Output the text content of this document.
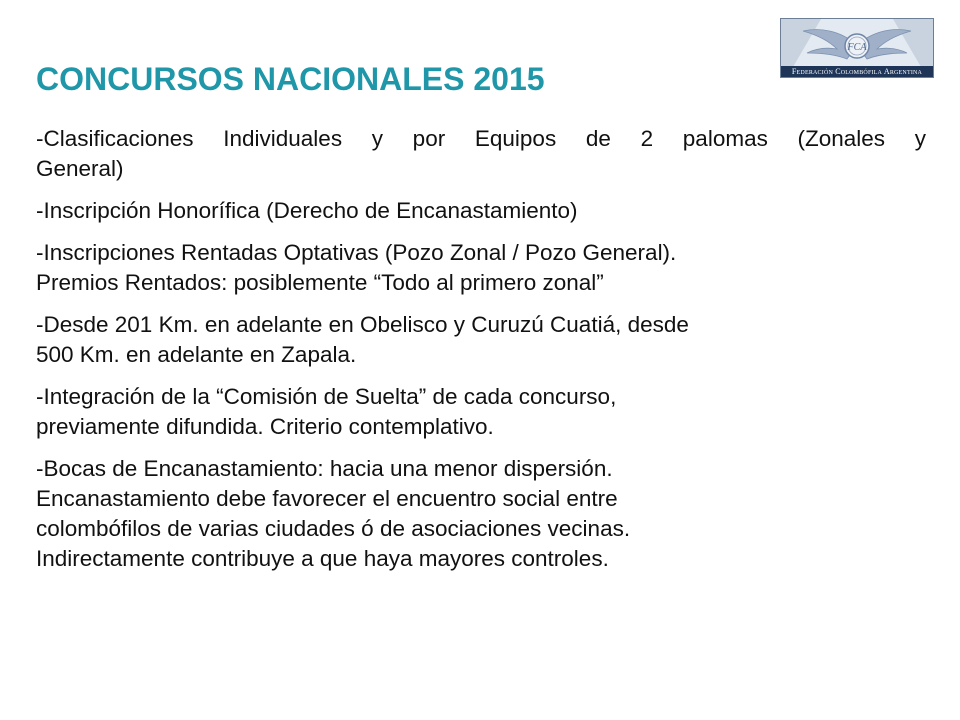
FCA
Federación Colombófila Argentina
CONCURSOS NACIONALES 2015

-Clasificaciones Individuales y por Equipos de 2 palomas (Zonales y
General)

-Inscripción Honorífica (Derecho de Encanastamiento)

-Inscripciones Rentadas Optativas (Pozo Zonal / Pozo General).
Premios Rentados: posiblemente “Todo al primero zonal”

-Desde 201 Km. en adelante en Obelisco y Curuzú Cuatiá, desde
500 Km. en adelante en Zapala.

-Integración de la “Comisión de Suelta” de cada concurso,
previamente difundida. Criterio contemplativo.

-Bocas de Encanastamiento: hacia una menor dispersión.
Encanastamiento debe favorecer el encuentro social entre
colombófilos de varias ciudades ó de asociaciones vecinas.
Indirectamente contribuye a que haya mayores controles.
